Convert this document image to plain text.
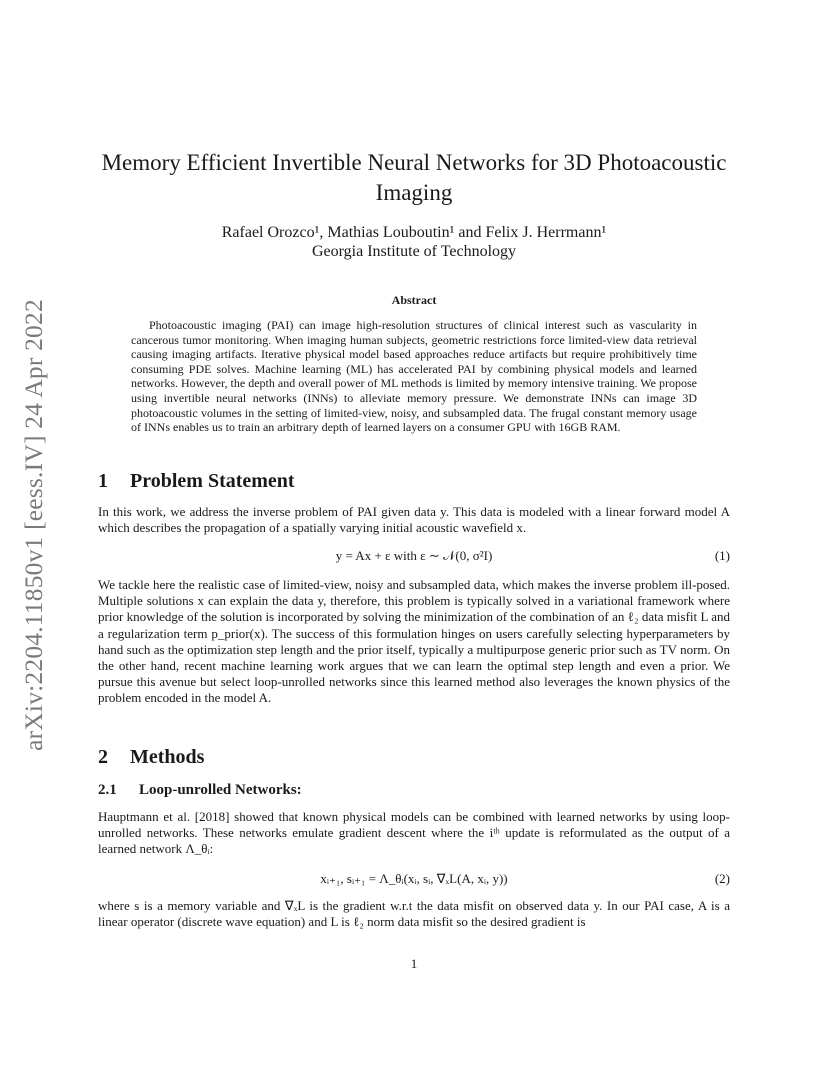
arXiv:2204.11850v1 [eess.IV] 24 Apr 2022
Memory Efficient Invertible Neural Networks for 3D Photoacoustic
Imaging
Rafael Orozco¹, Mathias Louboutin¹ and Felix J. Herrmann¹
Georgia Institute of Technology
Abstract

Photoacoustic imaging (PAI) can image high-resolution structures of clinical interest such as vascularity in cancerous tumor monitoring. When imaging human subjects, geometric restrictions force limited-view data retrieval causing imaging artifacts. Iterative physical model based approaches reduce artifacts but require prohibitively time consuming PDE solves. Machine learning (ML) has accelerated PAI by combining physical models and learned networks. However, the depth and overall power of ML methods is limited by memory intensive training. We propose using invertible neural networks (INNs) to alleviate memory pressure. We demonstrate INNs can image 3D photoacoustic volumes in the setting of limited-view, noisy, and subsampled data. The frugal constant memory usage of INNs enables us to train an arbitrary depth of learned layers on a consumer GPU with 16GB RAM.

1 Problem Statement

In this work, we address the inverse problem of PAI given data y. This data is modeled with a linear forward model A which describes the propagation of a spatially varying initial acoustic wavefield x.

y = Ax + ε with ε ∼ 𝒩(0, σ²I)	(1)

We tackle here the realistic case of limited-view, noisy and subsampled data, which makes the inverse problem ill-posed. Multiple solutions x can explain the data y, therefore, this problem is typically solved in a variational framework where prior knowledge of the solution is incorporated by solving the minimization of the combination of an ℓ₂ data misfit L and a regularization term p_prior(x). The success of this formulation hinges on users carefully selecting hyperparameters by hand such as the optimization step length and the prior itself, typically a multipurpose generic prior such as TV norm. On the other hand, recent machine learning work argues that we can learn the optimal step length and even a prior. We pursue this avenue but select loop-unrolled networks since this learned method also leverages the known physics of the problem encoded in the model A.

2 Methods
2.1 Loop-unrolled Networks:

Hauptmann et al. [2018] showed that known physical models can be combined with learned networks by using loop-unrolled networks. These networks emulate gradient descent where the iᵗʰ update is reformulated as the output of a learned network Λ_θᵢ:

xᵢ₊₁, sᵢ₊₁ = Λ_θᵢ(xᵢ, sᵢ, ∇ₓL(A, xᵢ, y))	(2)

where s is a memory variable and ∇ₓL is the gradient w.r.t the data misfit on observed data y. In our PAI case, A is a linear operator (discrete wave equation) and L is ℓ₂ norm data misfit so the desired gradient is

1
